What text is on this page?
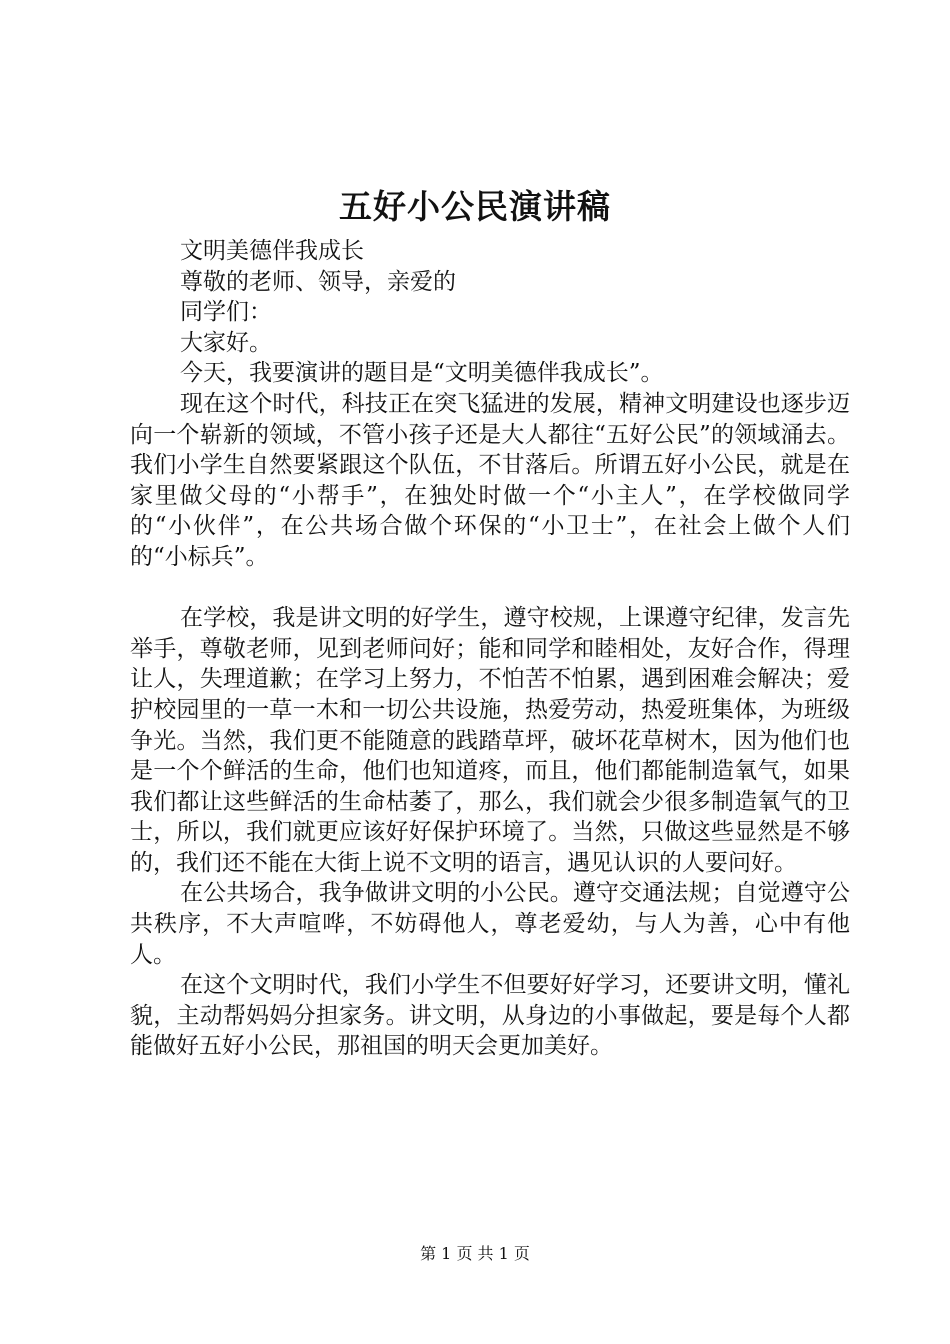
五好小公民演讲稿

文明美德伴我成长

尊敬的老师、领导，亲爱的

同学们：

大家好。

今天，我要演讲的题目是“文明美德伴我成长”。

现在这个时代，科技正在突飞猛进的发展，精神文明建设也逐步迈向一个崭新的领域，不管小孩子还是大人都往“五好公民”的领域涌去。我们小学生自然要紧跟这个队伍，不甘落后。所谓五好小公民，就是在家里做父母的“小帮手”，在独处时做一个“小主人”，在学校做同学的“小伙伴”，在公共场合做个环保的“小卫士”，在社会上做个人们的“小标兵”。

在学校，我是讲文明的好学生，遵守校规，上课遵守纪律，发言先举手，尊敬老师，见到老师问好；能和同学和睦相处，友好合作，得理让人，失理道歉；在学习上努力，不怕苦不怕累，遇到困难会解决；爱护校园里的一草一木和一切公共设施，热爱劳动，热爱班集体，为班级争光。当然，我们更不能随意的践踏草坪，破坏花草树木，因为他们也是一个个鲜活的生命，他们也知道疼，而且，他们都能制造氧气，如果我们都让这些鲜活的生命枯萎了，那么，我们就会少很多制造氧气的卫士，所以，我们就更应该好好保护环境了。当然，只做这些显然是不够的，我们还不能在大街上说不文明的语言，遇见认识的人要问好。

在公共场合，我争做讲文明的小公民。遵守交通法规；自觉遵守公共秩序，不大声喧哗，不妨碍他人，尊老爱幼，与人为善，心中有他人。

在这个文明时代，我们小学生不但要好好学习，还要讲文明，懂礼貌，主动帮妈妈分担家务。讲文明，从身边的小事做起，要是每个人都能做好五好小公民，那祖国的明天会更加美好。

第 1 页 共 1 页
